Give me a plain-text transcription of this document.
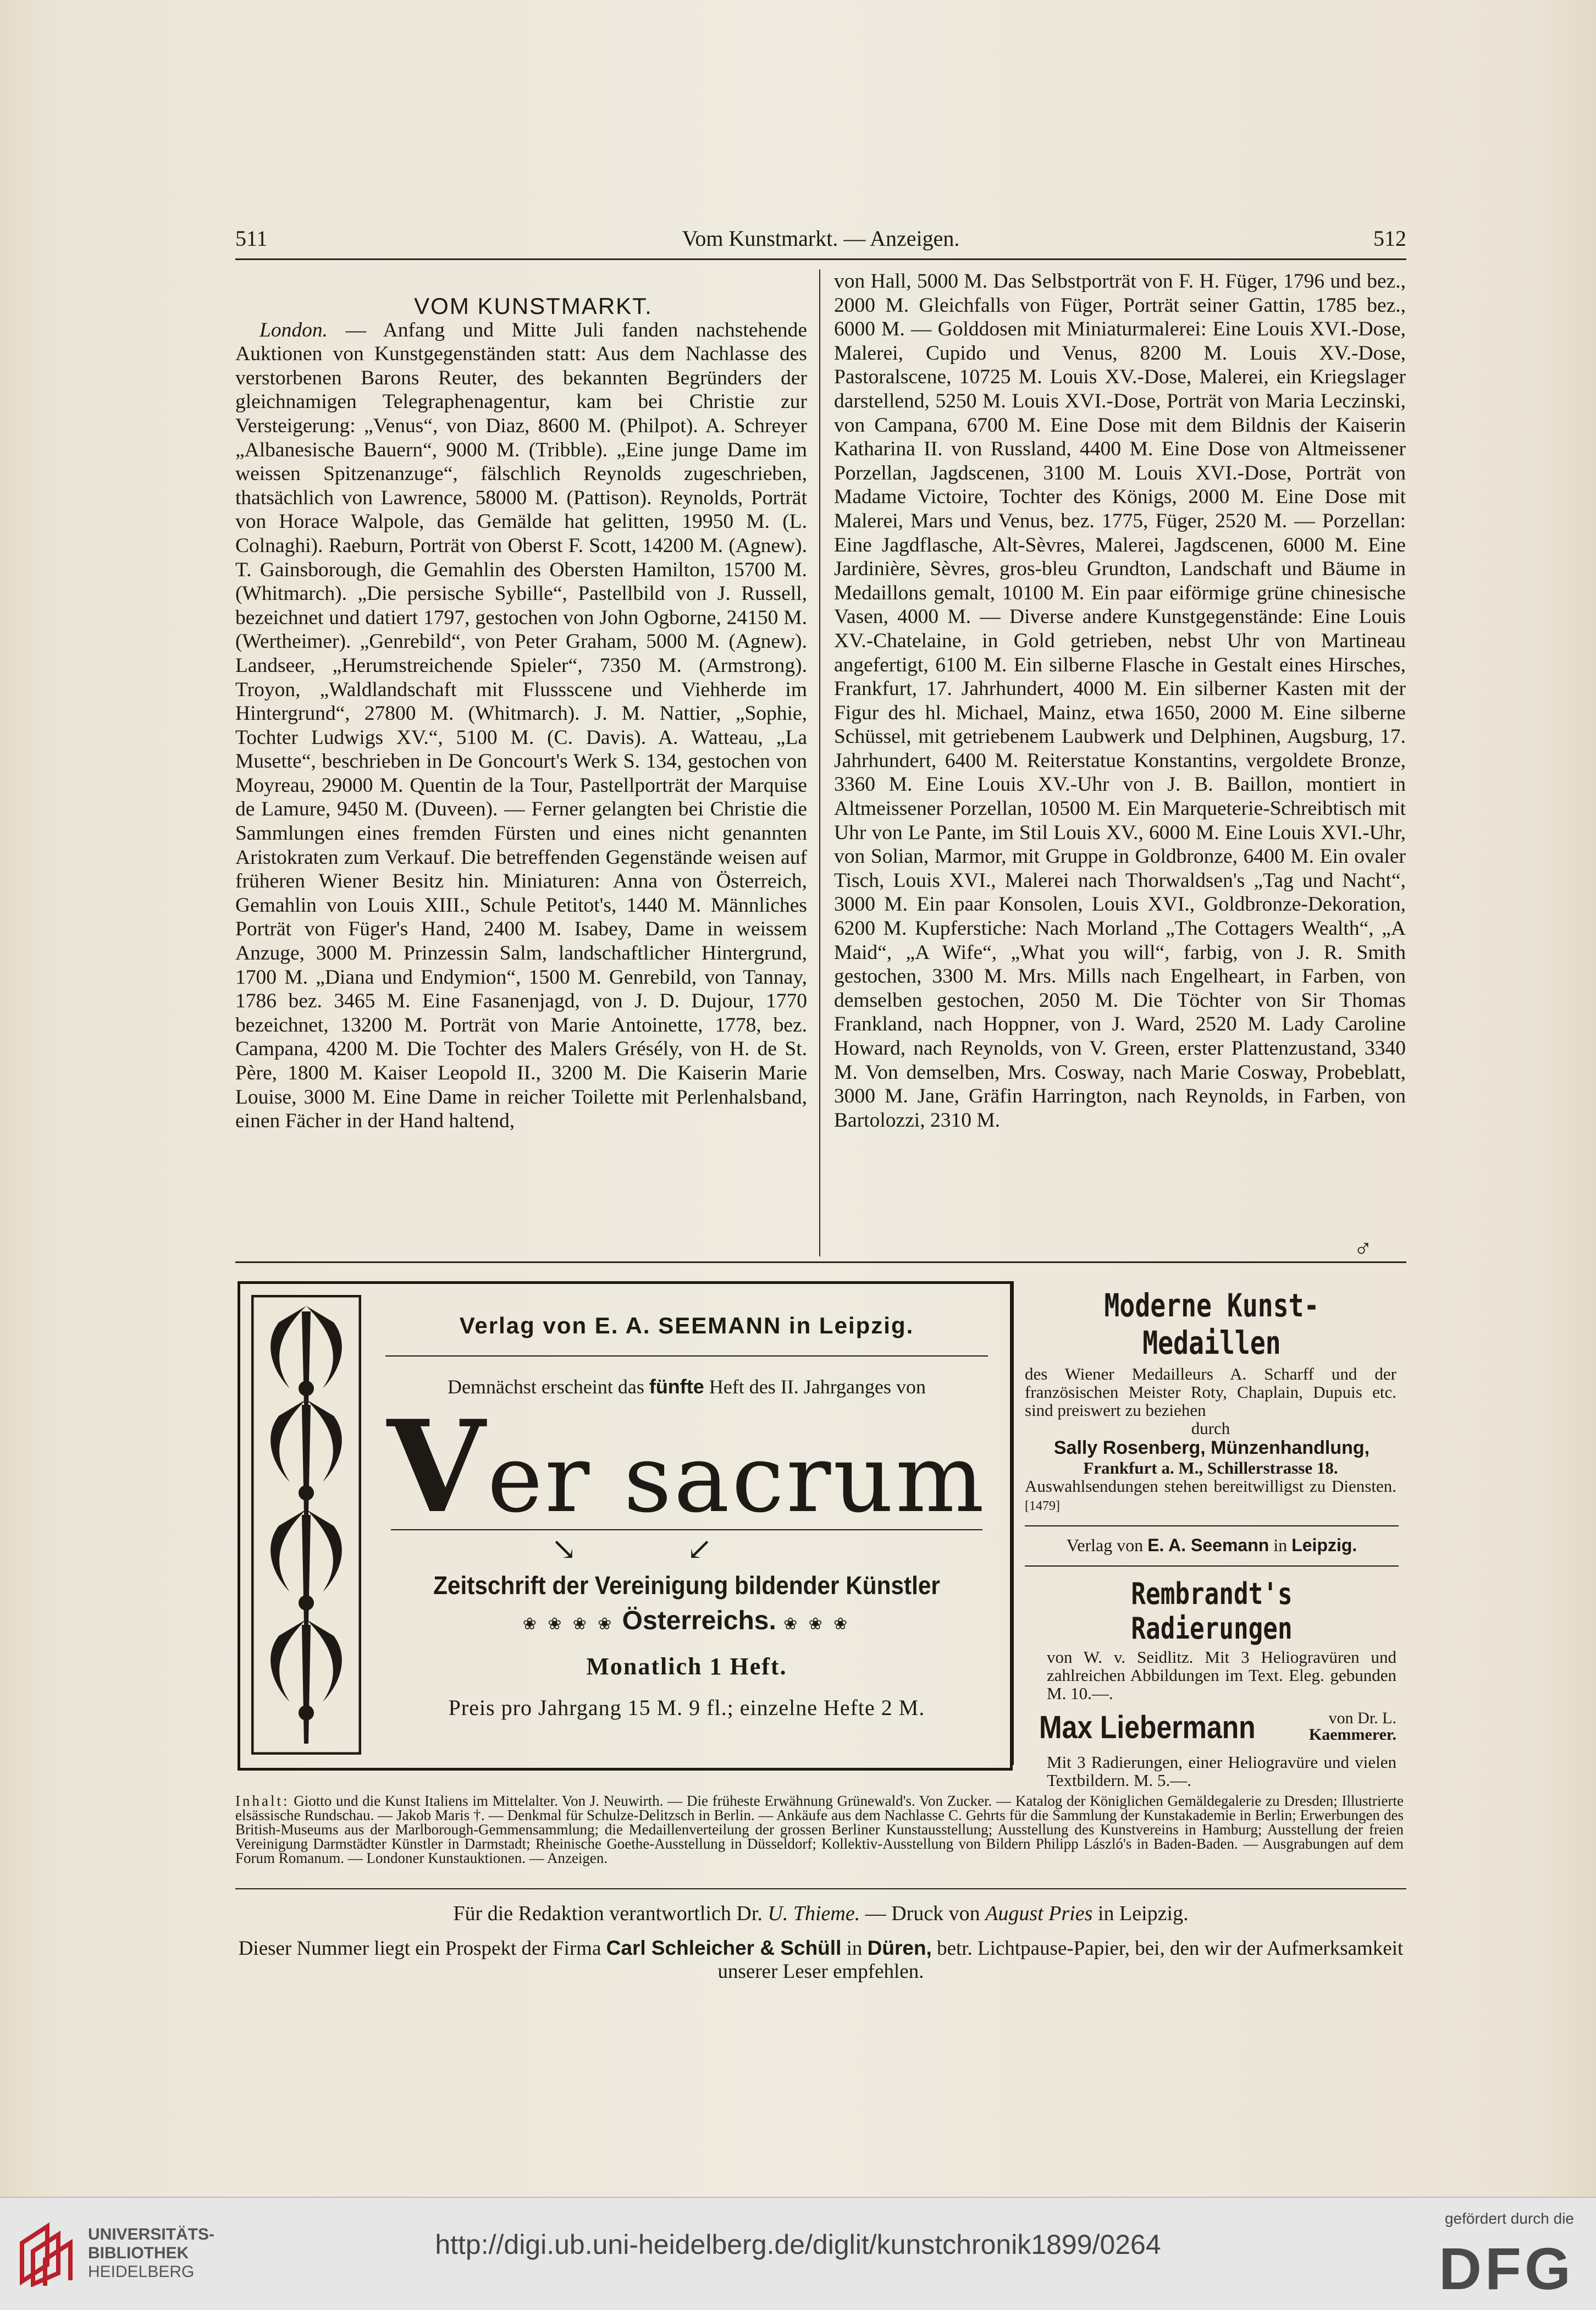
511	Vom Kunstmarkt. — Anzeigen.	512

VOM KUNSTMARKT.

London. — Anfang und Mitte Juli fanden nachstehende Auktionen von Kunstgegenständen statt: Aus dem Nachlasse des verstorbenen Barons Reuter, des bekannten Begründers der gleichnamigen Telegraphenagentur, kam bei Christie zur Versteigerung: „Venus“, von Diaz, 8600 M. (Philpot). A. Schreyer „Albanesische Bauern“, 9000 M. (Tribble). „Eine junge Dame im weissen Spitzenanzuge“, fälschlich Reynolds zugeschrieben, thatsächlich von Lawrence, 58000 M. (Pattison). Reynolds, Porträt von Horace Walpole, das Gemälde hat gelitten, 19950 M. (L. Colnaghi). Raeburn, Porträt von Oberst F. Scott, 14200 M. (Agnew). T. Gainsborough, die Gemahlin des Obersten Hamilton, 15700 M. (Whitmarch). „Die persische Sybille“, Pastellbild von J. Russell, bezeichnet und datiert 1797, gestochen von John Ogborne, 24150 M. (Wertheimer). „Genrebild“, von Peter Graham, 5000 M. (Agnew). Landseer, „Herumstreichende Spieler“, 7350 M. (Armstrong). Troyon, „Waldlandschaft mit Flussscene und Viehherde im Hintergrund“, 27800 M. (Whitmarch). J. M. Nattier, „Sophie, Tochter Ludwigs XV.“, 5100 M. (C. Davis). A. Watteau, „La Musette“, beschrieben in De Goncourt's Werk S. 134, gestochen von Moyreau, 29000 M. Quentin de la Tour, Pastellporträt der Marquise de Lamure, 9450 M. (Duveen). — Ferner gelangten bei Christie die Sammlungen eines fremden Fürsten und eines nicht genannten Aristokraten zum Verkauf. Die betreffenden Gegenstände weisen auf früheren Wiener Besitz hin. Miniaturen: Anna von Österreich, Gemahlin von Louis XIII., Schule Petitot's, 1440 M. Männliches Porträt von Füger's Hand, 2400 M. Isabey, Dame in weissem Anzuge, 3000 M. Prinzessin Salm, landschaftlicher Hintergrund, 1700 M. „Diana und Endymion“, 1500 M. Genrebild, von Tannay, 1786 bez. 3465 M. Eine Fasanenjagd, von J. D. Dujour, 1770 bezeichnet, 13200 M. Porträt von Marie Antoinette, 1778, bez. Campana, 4200 M. Die Tochter des Malers Grésély, von H. de St. Père, 1800 M. Kaiser Leopold II., 3200 M. Die Kaiserin Marie Louise, 3000 M. Eine Dame in reicher Toilette mit Perlenhalsband, einen Fächer in der Hand haltend,

von Hall, 5000 M. Das Selbstporträt von F. H. Füger, 1796 und bez., 2000 M. Gleichfalls von Füger, Porträt seiner Gattin, 1785 bez., 6000 M. — Golddosen mit Miniaturmalerei: Eine Louis XVI.-Dose, Malerei, Cupido und Venus, 8200 M. Louis XV.-Dose, Pastoralscene, 10725 M. Louis XV.-Dose, Malerei, ein Kriegslager darstellend, 5250 M. Louis XVI.-Dose, Porträt von Maria Leczinski, von Campana, 6700 M. Eine Dose mit dem Bildnis der Kaiserin Katharina II. von Russland, 4400 M. Eine Dose von Altmeissener Porzellan, Jagdscenen, 3100 M. Louis XVI.-Dose, Porträt von Madame Victoire, Tochter des Königs, 2000 M. Eine Dose mit Malerei, Mars und Venus, bez. 1775, Füger, 2520 M. — Porzellan: Eine Jagdflasche, Alt-Sèvres, Malerei, Jagdscenen, 6000 M. Eine Jardinière, Sèvres, gros-bleu Grundton, Landschaft und Bäume in Medaillons gemalt, 10100 M. Ein paar eiförmige grüne chinesische Vasen, 4000 M. — Diverse andere Kunstgegenstände: Eine Louis XV.-Chatelaine, in Gold getrieben, nebst Uhr von Martineau angefertigt, 6100 M. Ein silberne Flasche in Gestalt eines Hirsches, Frankfurt, 17. Jahrhundert, 4000 M. Ein silberner Kasten mit der Figur des hl. Michael, Mainz, etwa 1650, 2000 M. Eine silberne Schüssel, mit getriebenem Laubwerk und Delphinen, Augsburg, 17. Jahrhundert, 6400 M. Reiterstatue Konstantins, vergoldete Bronze, 3360 M. Eine Louis XV.-Uhr von J. B. Baillon, montiert in Altmeissener Porzellan, 10500 M. Ein Marqueterie-Schreibtisch mit Uhr von Le Pante, im Stil Louis XV., 6000 M. Eine Louis XVI.-Uhr, von Solian, Marmor, mit Gruppe in Goldbronze, 6400 M. Ein ovaler Tisch, Louis XVI., Malerei nach Thorwaldsen's „Tag und Nacht“, 3000 M. Ein paar Konsolen, Louis XVI., Goldbronze-Dekoration, 6200 M. Kupferstiche: Nach Morland „The Cottagers Wealth“, „A Maid“, „A Wife“, „What you will“, farbig, von J. R. Smith gestochen, 3300 M. Mrs. Mills nach Engelheart, in Farben, von demselben gestochen, 2050 M. Die Töchter von Sir Thomas Frankland, nach Hoppner, von J. Ward, 2520 M. Lady Caroline Howard, nach Reynolds, von V. Green, erster Plattenzustand, 3340 M. Von demselben, Mrs. Cosway, nach Marie Cosway, Probeblatt, 3000 M. Jane, Gräfin Harrington, nach Reynolds, in Farben, von Bartolozzi, 2310 M.

♂
Verlag von E. A. SEEMANN in Leipzig.
Demnächst erscheint das fünfte Heft des II. Jahrganges von
Ver sacrum
↘↙
Zeitschrift der Vereinigung bildender Künstler
❀ ❀ ❀ ❀ Österreichs. ❀ ❀ ❀
Monatlich 1 Heft.
Preis pro Jahrgang 15 M. 9 fl.; einzelne Hefte 2 M.
Moderne Kunst-Medaillen
des Wiener Medailleurs A. Scharff und der französischen Meister Roty, Chaplain, Dupuis etc. sind preiswert zu beziehen
durch
Sally Rosenberg, Münzenhandlung,
Frankfurt a. M., Schillerstrasse 18.
Auswahlsendungen stehen bereitwilligst zu Diensten. [1479]
Verlag von E. A. Seemann in Leipzig.
Rembrandt's Radierungen
von W. v. Seidlitz. Mit 3 Heliogravüren und zahlreichen Abbildungen im Text. Eleg. gebunden M. 10.—.
Max Liebermann	von Dr. L.
Kaemmerer.
Mit 3 Radierungen, einer Heliogravüre und vielen Textbildern. M. 5.—.
Inhalt: Giotto und die Kunst Italiens im Mittelalter. Von J. Neuwirth. — Die früheste Erwähnung Grünewald's. Von Zucker. — Katalog der Königlichen Gemäldegalerie zu Dresden; Illustrierte elsässische Rundschau. — Jakob Maris †. — Denkmal für Schulze-Delitzsch in Berlin. — Ankäufe aus dem Nachlasse C. Gehrts für die Sammlung der Kunstakademie in Berlin; Erwerbungen des British-Museums aus der Marlborough-Gemmensammlung; die Medaillenverteilung der grossen Berliner Kunstausstellung; Ausstellung des Kunstvereins in Hamburg; Ausstellung der freien Vereinigung Darmstädter Künstler in Darmstadt; Rheinische Goethe-Ausstellung in Düsseldorf; Kollektiv-Ausstellung von Bildern Philipp László's in Baden-Baden. — Ausgrabungen auf dem Forum Romanum. — Londoner Kunstauktionen. — Anzeigen.
Für die Redaktion verantwortlich Dr. U. Thieme. — Druck von August Pries in Leipzig.
Dieser Nummer liegt ein Prospekt der Firma Carl Schleicher & Schüll in Düren, betr. Lichtpause-Papier, bei, den wir der Aufmerksamkeit unserer Leser empfehlen.
UNIVERSITÄTS-
BIBLIOTHEK
HEIDELBERG
http://digi.ub.uni-heidelberg.de/diglit/kunstchronik1899/0264
gefördert durch die
DFG
